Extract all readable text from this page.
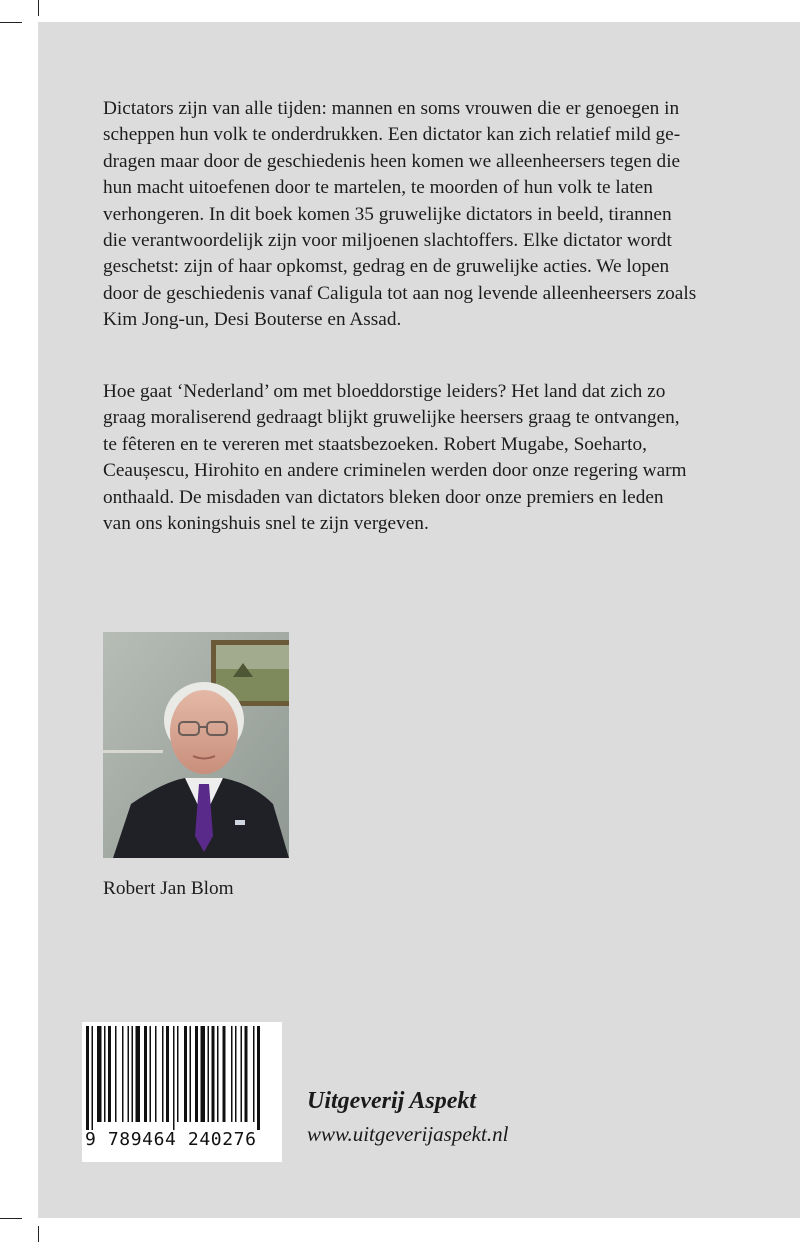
Dictators zijn van alle tijden: mannen en soms vrouwen die er genoegen in
scheppen hun volk te onderdrukken. Een dictator kan zich relatief mild ge-
dragen maar door de geschiedenis heen komen we alleenheersers tegen die
hun macht uitoefenen door te martelen, te moorden of hun volk te laten
verhongeren. In dit boek komen 35 gruwelijke dictators in beeld, tirannen
die verantwoordelijk zijn voor miljoenen slachtoffers. Elke dictator wordt
geschetst: zijn of haar opkomst, gedrag en de gruwelijke acties. We lopen
door de geschiedenis vanaf Caligula tot aan nog levende alleenheersers zoals
Kim Jong-un, Desi Bouterse en Assad.
Hoe gaat ‘Nederland’ om met bloeddorstige leiders? Het land dat zich zo
graag moraliserend gedraagt blijkt gruwelijke heersers graag te ontvangen,
te fêteren en te vereren met staatsbezoeken. Robert Mugabe, Soeharto,
Ceaușescu, Hirohito en andere criminelen werden door onze regering warm
onthaald. De misdaden van dictators bleken door onze premiers en leden
van ons koningshuis snel te zijn vergeven.
Robert Jan Blom
9 789464 240276
Uitgeverij Aspekt
www.uitgeverijaspekt.nl
